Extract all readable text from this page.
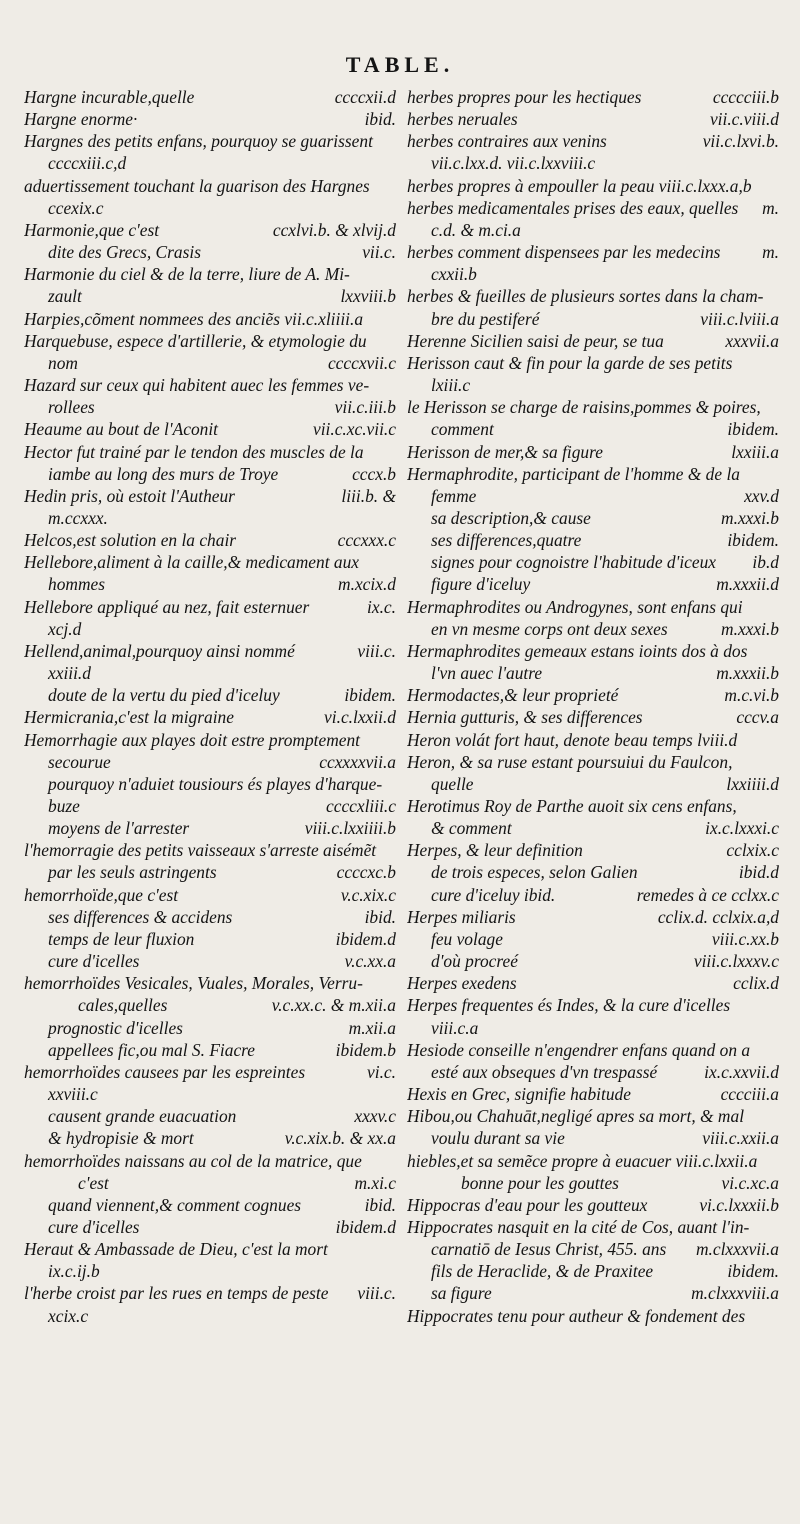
TABLE.
Hargne incurable,quelle	ccccxii.d
Hargne enorme·	ibid.
Hargnes des petits enfans, pourquoy se guarissent
ccccxiii.c,d
aduertissement touchant la guarison des Hargnes
ccexix.c
Harmonie,que c'est	ccxlvi.b. & xlvij.d
dite des Grecs, Crasis	vii.c.
Harmonie du ciel & de la terre, liure de A. Mi-
zault	lxxviii.b
Harpies,cõment nommees des anciẽs vii.c.xliiii.a
Harquebuse, espece d'artillerie, & etymologie du
nom	ccccxvii.c
Hazard sur ceux qui habitent auec les femmes ve-
rollees	vii.c.iii.b
Heaume au bout de l'Aconit	vii.c.xc.vii.c
Hector fut trainé par le tendon des muscles de la
iambe au long des murs de Troye	cccx.b
Hedin pris, où estoit l'Autheur	liii.b. &
m.ccxxx.
Helcos,est solution en la chair	cccxxx.c
Hellebore,aliment à la caille,& medicament aux
hommes	m.xcix.d
Hellebore appliqué au nez, fait esternuer	ix.c.
xcj.d
Hellend,animal,pourquoy ainsi nommé	viii.c.
xxiii.d
doute de la vertu du pied d'iceluy	ibidem.
Hermicrania,c'est la migraine	vi.c.lxxii.d
Hemorrhagie aux playes doit estre promptement
secourue	ccxxxxvii.a
pourquoy n'aduiet tousiours és playes d'harque-
buze	ccccxliii.c
moyens de l'arrester	viii.c.lxxiiii.b
l'hemorragie des petits vaisseaux s'arreste aisémẽt
par les seuls astringents	ccccxc.b
hemorrhoïde,que c'est	v.c.xix.c
ses differences & accidens	ibid.
temps de leur fluxion	ibidem.d
cure d'icelles	v.c.xx.a
hemorrhoïdes Vesicales, Vuales, Morales, Verru-
cales,quelles	v.c.xx.c. & m.xii.a
prognostic d'icelles	m.xii.a
appellees fic,ou mal S. Fiacre	ibidem.b
hemorrhoïdes causees par les espreintes	vi.c.
xxviii.c
causent grande euacuation	xxxv.c
& hydropisie & mort	v.c.xix.b. & xx.a
hemorrhoïdes naissans au col de la matrice, que
c'est	m.xi.c
quand viennent,& comment cognues	ibid.
cure d'icelles	ibidem.d
Heraut & Ambassade de Dieu, c'est la mort
ix.c.ij.b
l'herbe croist par les rues en temps de peste	viii.c.
xcix.c
herbes propres pour les hectiques	ccccciii.b
herbes neruales	vii.c.viii.d
herbes contraires aux venins	vii.c.lxvi.b.
vii.c.lxx.d. vii.c.lxxviii.c
herbes propres à empouller la peau viii.c.lxxx.a,b
herbes medicamentales prises des eaux, quelles	m.
c.d. & m.ci.a
herbes comment dispensees par les medecins	m.
cxxii.b
herbes & fueilles de plusieurs sortes dans la cham-
bre du pestiferé	viii.c.lviii.a
Herenne Sicilien saisi de peur, se tua	xxxvii.a
Herisson caut & fin pour la garde de ses petits
lxiii.c
le Herisson se charge de raisins,pommes & poires,
comment	ibidem.
Herisson de mer,& sa figure	lxxiii.a
Hermaphrodite, participant de l'homme & de la
femme	xxv.d
sa description,& cause	m.xxxi.b
ses differences,quatre	ibidem.
signes pour cognoistre l'habitude d'iceux	ib.d
figure d'iceluy	m.xxxii.d
Hermaphrodites ou Androgynes, sont enfans qui
en vn mesme corps ont deux sexes	m.xxxi.b
Hermaphrodites gemeaux estans ioints dos à dos
l'vn auec l'autre	m.xxxii.b
Hermodactes,& leur proprieté	m.c.vi.b
Hernia gutturis, & ses differences	cccv.a
Heron volát fort haut, denote beau temps lviii.d
Heron, & sa ruse estant poursuiui du Faulcon,
quelle	lxxiiii.d
Herotimus Roy de Parthe auoit six cens enfans,
& comment	ix.c.lxxxi.c
Herpes, & leur definition	cclxix.c
de trois especes, selon Galien	ibid.d
cure d'iceluy ibid.	remedes à ce cclxx.c
Herpes miliaris	cclix.d. cclxix.a,d
feu volage	viii.c.xx.b
d'où procreé	viii.c.lxxxv.c
Herpes exedens	cclix.d
Herpes frequentes és Indes, & la cure d'icelles
viii.c.a
Hesiode conseille n'engendrer enfans quand on a
esté aux obseques d'vn trespassé	ix.c.xxvii.d
Hexis en Grec, signifie habitude	cccciii.a
Hibou,ou Chahuāt,negligé apres sa mort, & mal
voulu durant sa vie	viii.c.xxii.a
hiebles,et sa semẽce propre à euacuer viii.c.lxxii.a
bonne pour les gouttes	vi.c.xc.a
Hippocras d'eau pour les goutteux	vi.c.lxxxii.b
Hippocrates nasquit en la cité de Cos, auant l'in-
carnatiō de Iesus Christ, 455. ans	m.clxxxvii.a
fils de Heraclide, & de Praxitee	ibidem.
sa figure	m.clxxxviii.a
Hippocrates tenu pour autheur & fondement des
